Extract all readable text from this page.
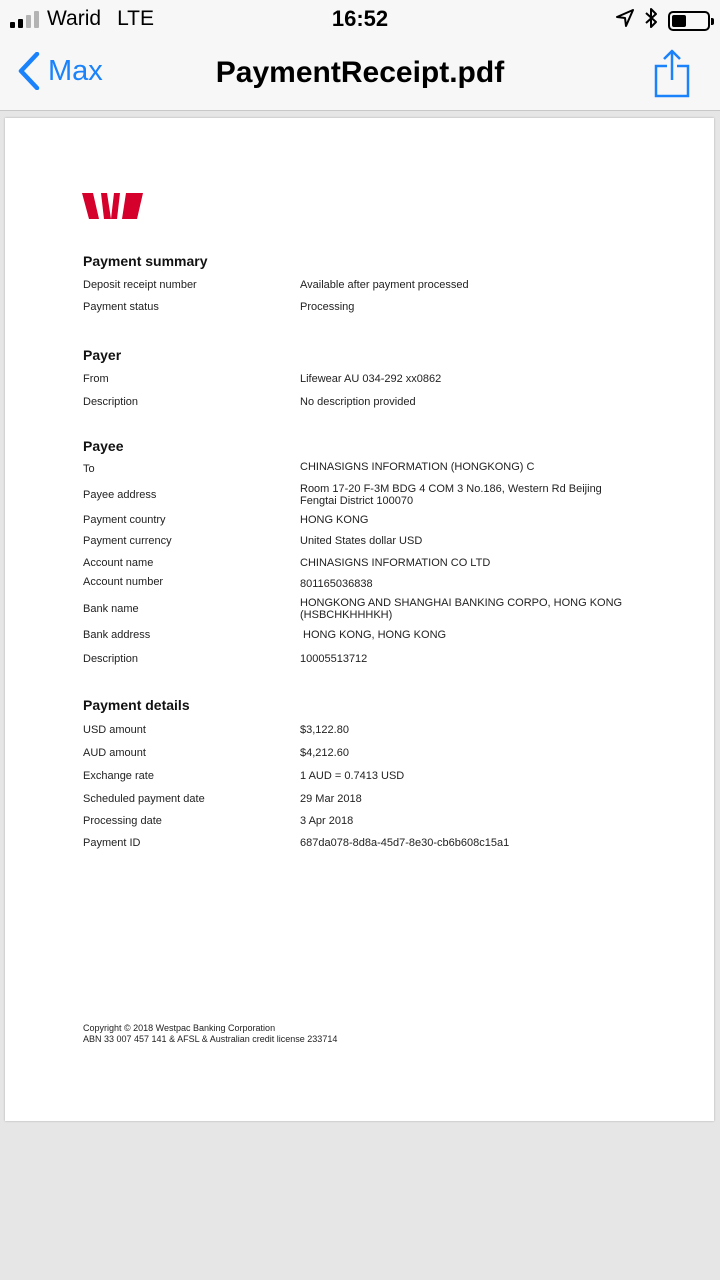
Warid LTE	16:52
Max	PaymentReceipt.pdf
Payment summary
Deposit receipt number	Available after payment processed
Payment status	Processing
Payer
From	Lifewear AU 034-292 xx0862
Description	No description provided
Payee
To	CHINASIGNS INFORMATION (HONGKONG) C
Payee address	Room 17-20 F-3M BDG 4 COM 3 No.186, Western Rd Beijing Fengtai District 100070
Payment country	HONG KONG
Payment currency	United States dollar USD
Account name	CHINASIGNS INFORMATION CO LTD
Account number	801165036838
Bank name	HONGKONG AND SHANGHAI BANKING CORPO, HONG KONG (HSBCHKHHHKH)
Bank address	HONG KONG, HONG KONG
Description	10005513712
Payment details
USD amount	$3,122.80
AUD amount	$4,212.60
Exchange rate	1 AUD = 0.7413 USD
Scheduled payment date	29 Mar 2018
Processing date	3 Apr 2018
Payment ID	687da078-8d8a-45d7-8e30-cb6b608c15a1
Copyright © 2018 Westpac Banking Corporation
ABN 33 007 457 141 & AFSL & Australian credit license 233714
